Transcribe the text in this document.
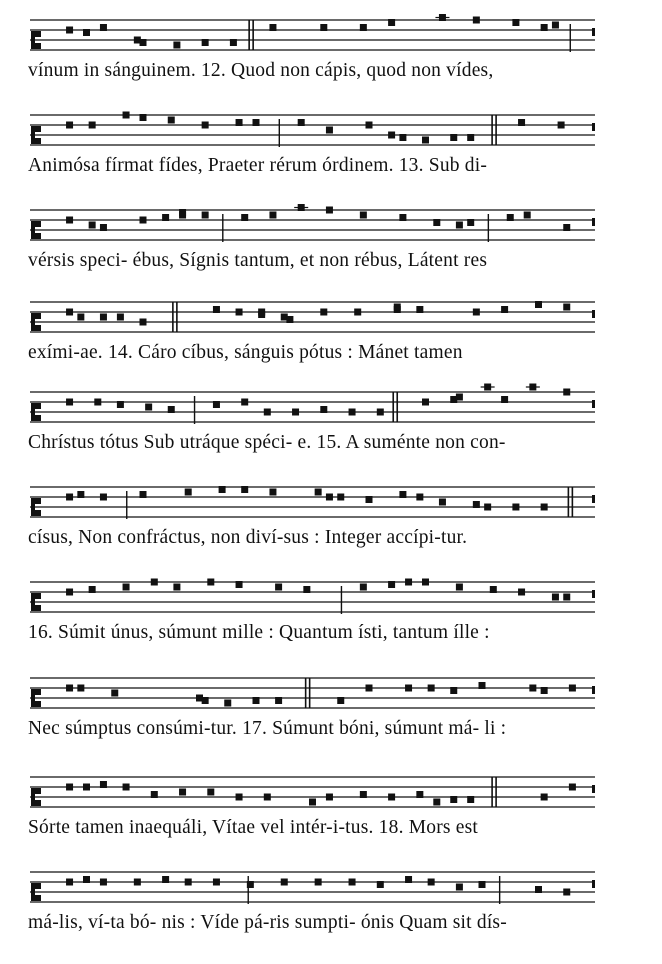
vínum in sánguinem. 12. Quod non cápis, quod non vídes,
Animósa fírmat fídes, Praeter rérum órdinem. 13. Sub di-
vérsis speci- ébus, Sígnis tantum, et non rébus, Látent res
exími-ae. 14. Cáro cíbus, sánguis pótus : Mánet tamen
Chrístus tótus Sub utráque spéci- e. 15. A suménte non con-
císus, Non confráctus, non diví-sus : Integer accípi-tur.
16. Súmit únus, súmunt mille : Quantum ísti, tantum ílle :
Nec súmptus consúmi-tur. 17. Súmunt bóni, súmunt má- li :
Sórte tamen inaequáli, Vítae vel intér-i-tus. 18. Mors est
má-lis, ví-ta bó- nis : Víde pá-ris sumpti- ónis Quam sit dís-
